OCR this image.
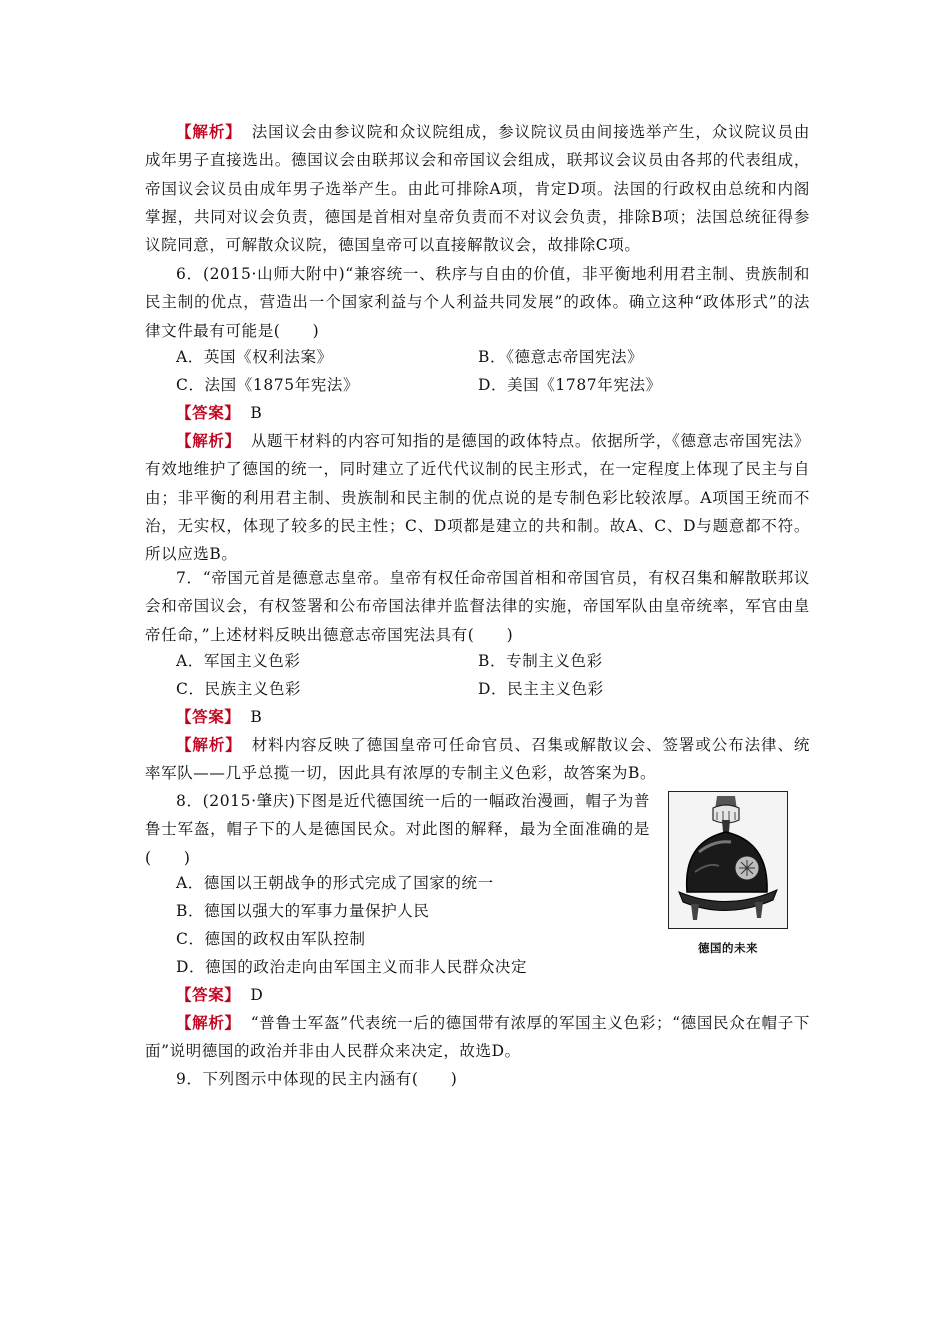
【解析】 法国议会由参议院和众议院组成，参议院议员由间接选举产生，众议院议员由成年男子直接选出。德国议会由联邦议会和帝国议会组成，联邦议会议员由各邦的代表组成，帝国议会议员由成年男子选举产生。由此可排除A项，肯定D项。法国的行政权由总统和内阁掌握，共同对议会负责，德国是首相对皇帝负责而不对议会负责，排除B项；法国总统征得参议院同意，可解散众议院，德国皇帝可以直接解散议会，故排除C项。
6．(2015·山师大附中)“兼容统一、秩序与自由的价值，非平衡地利用君主制、贵族制和民主制的优点，营造出一个国家利益与个人利益共同发展”的政体。确立这种“政体形式”的法律文件最有可能是(　　)
A．英国《权利法案》	B．《德意志帝国宪法》
C．法国《1875年宪法》	D．美国《1787年宪法》
【答案】 B
【解析】 从题干材料的内容可知指的是德国的政体特点。依据所学，《德意志帝国宪法》有效地维护了德国的统一，同时建立了近代代议制的民主形式，在一定程度上体现了民主与自由；非平衡的利用君主制、贵族制和民主制的优点说的是专制色彩比较浓厚。A项国王统而不治，无实权，体现了较多的民主性；C、D项都是建立的共和制。故A、C、D与题意都不符。所以应选B。
7．“帝国元首是德意志皇帝。皇帝有权任命帝国首相和帝国官员，有权召集和解散联邦议会和帝国议会，有权签署和公布帝国法律并监督法律的实施，帝国军队由皇帝统率，军官由皇帝任命，”上述材料反映出德意志帝国宪法具有(　　)
A．军国主义色彩	B．专制主义色彩
C．民族主义色彩	D．民主主义色彩
【答案】 B
【解析】 材料内容反映了德国皇帝可任命官员、召集或解散议会、签署或公布法律、统率军队——几乎总揽一切，因此具有浓厚的专制主义色彩，故答案为B。
8．(2015·肇庆)下图是近代德国统一后的一幅政治漫画，帽子为普鲁士军盔，帽子下的人是德国民众。对此图的解释，最为全面准确的是(　　)
A．德国以王朝战争的形式完成了国家的统一
B．德国以强大的军事力量保护人民
C．德国的政权由军队控制
D．德国的政治走向由军国主义而非人民群众决定
德国的未来
【答案】 D
【解析】 “普鲁士军盔”代表统一后的德国带有浓厚的军国主义色彩；“德国民众在帽子下面”说明德国的政治并非由人民群众来决定，故选D。
9．下列图示中体现的民主内涵有(　　)
